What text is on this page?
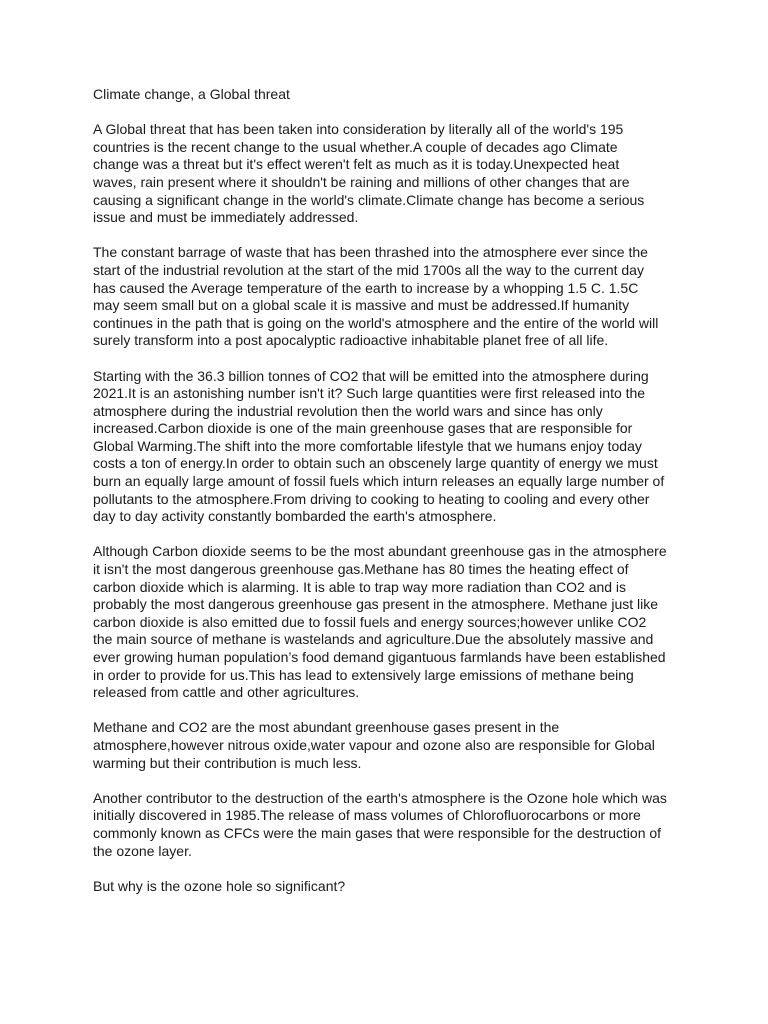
Climate change, a Global threat
A Global threat that has been taken into consideration by literally all of the world's 195
countries is the recent change to the usual whether.A couple of decades ago Climate
change was a threat but it's effect weren't felt as much as it is today.Unexpected heat
waves, rain present where it shouldn't be raining and millions of other changes that are
causing a significant change in the world's climate.Climate change has become a serious
issue and must be immediately addressed.
The constant barrage of waste that has been thrashed into the atmosphere ever since the
start of the industrial revolution at the start of the mid 1700s all the way to the current day
has caused the Average temperature of the earth to increase by a whopping 1.5 C. 1.5C
may seem small but on a global scale it is massive and must be addressed.If humanity
continues in the path that is going on the world's atmosphere and the entire of the world will
surely transform into a post apocalyptic radioactive inhabitable planet free of all life.
Starting with the 36.3 billion tonnes of CO2 that will be emitted into the atmosphere during
2021.It is an astonishing number isn't it? Such large quantities were first released into the
atmosphere during the industrial revolution then the world wars and since has only
increased.Carbon dioxide is one of the main greenhouse gases that are responsible for
Global Warming.The shift into the more comfortable lifestyle that we humans enjoy today
costs a ton of energy.In order to obtain such an obscenely large quantity of energy we must
burn an equally large amount of fossil fuels which inturn releases an equally large number of
pollutants to the atmosphere.From driving to cooking to heating to cooling and every other
day to day activity constantly bombarded the earth's atmosphere.
Although Carbon dioxide seems to be the most abundant greenhouse gas in the atmosphere
it isn't the most dangerous greenhouse gas.Methane has 80 times the heating effect of
carbon dioxide which is alarming. It is able to trap way more radiation than CO2 and is
probably the most dangerous greenhouse gas present in the atmosphere. Methane just like
carbon dioxide is also emitted due to fossil fuels and energy sources;however unlike CO2
the main source of methane is wastelands and agriculture.Due the absolutely massive and
ever growing human population’s food demand gigantuous farmlands have been established
in order to provide for us.This has lead to extensively large emissions of methane being
released from cattle and other agricultures.
Methane and CO2 are the most abundant greenhouse gases present in the
atmosphere,however nitrous oxide,water vapour and ozone also are responsible for Global
warming but their contribution is much less.
Another contributor to the destruction of the earth's atmosphere is the Ozone hole which was
initially discovered in 1985.The release of mass volumes of Chlorofluorocarbons or more
commonly known as CFCs were the main gases that were responsible for the destruction of
the ozone layer.
But why is the ozone hole so significant?
